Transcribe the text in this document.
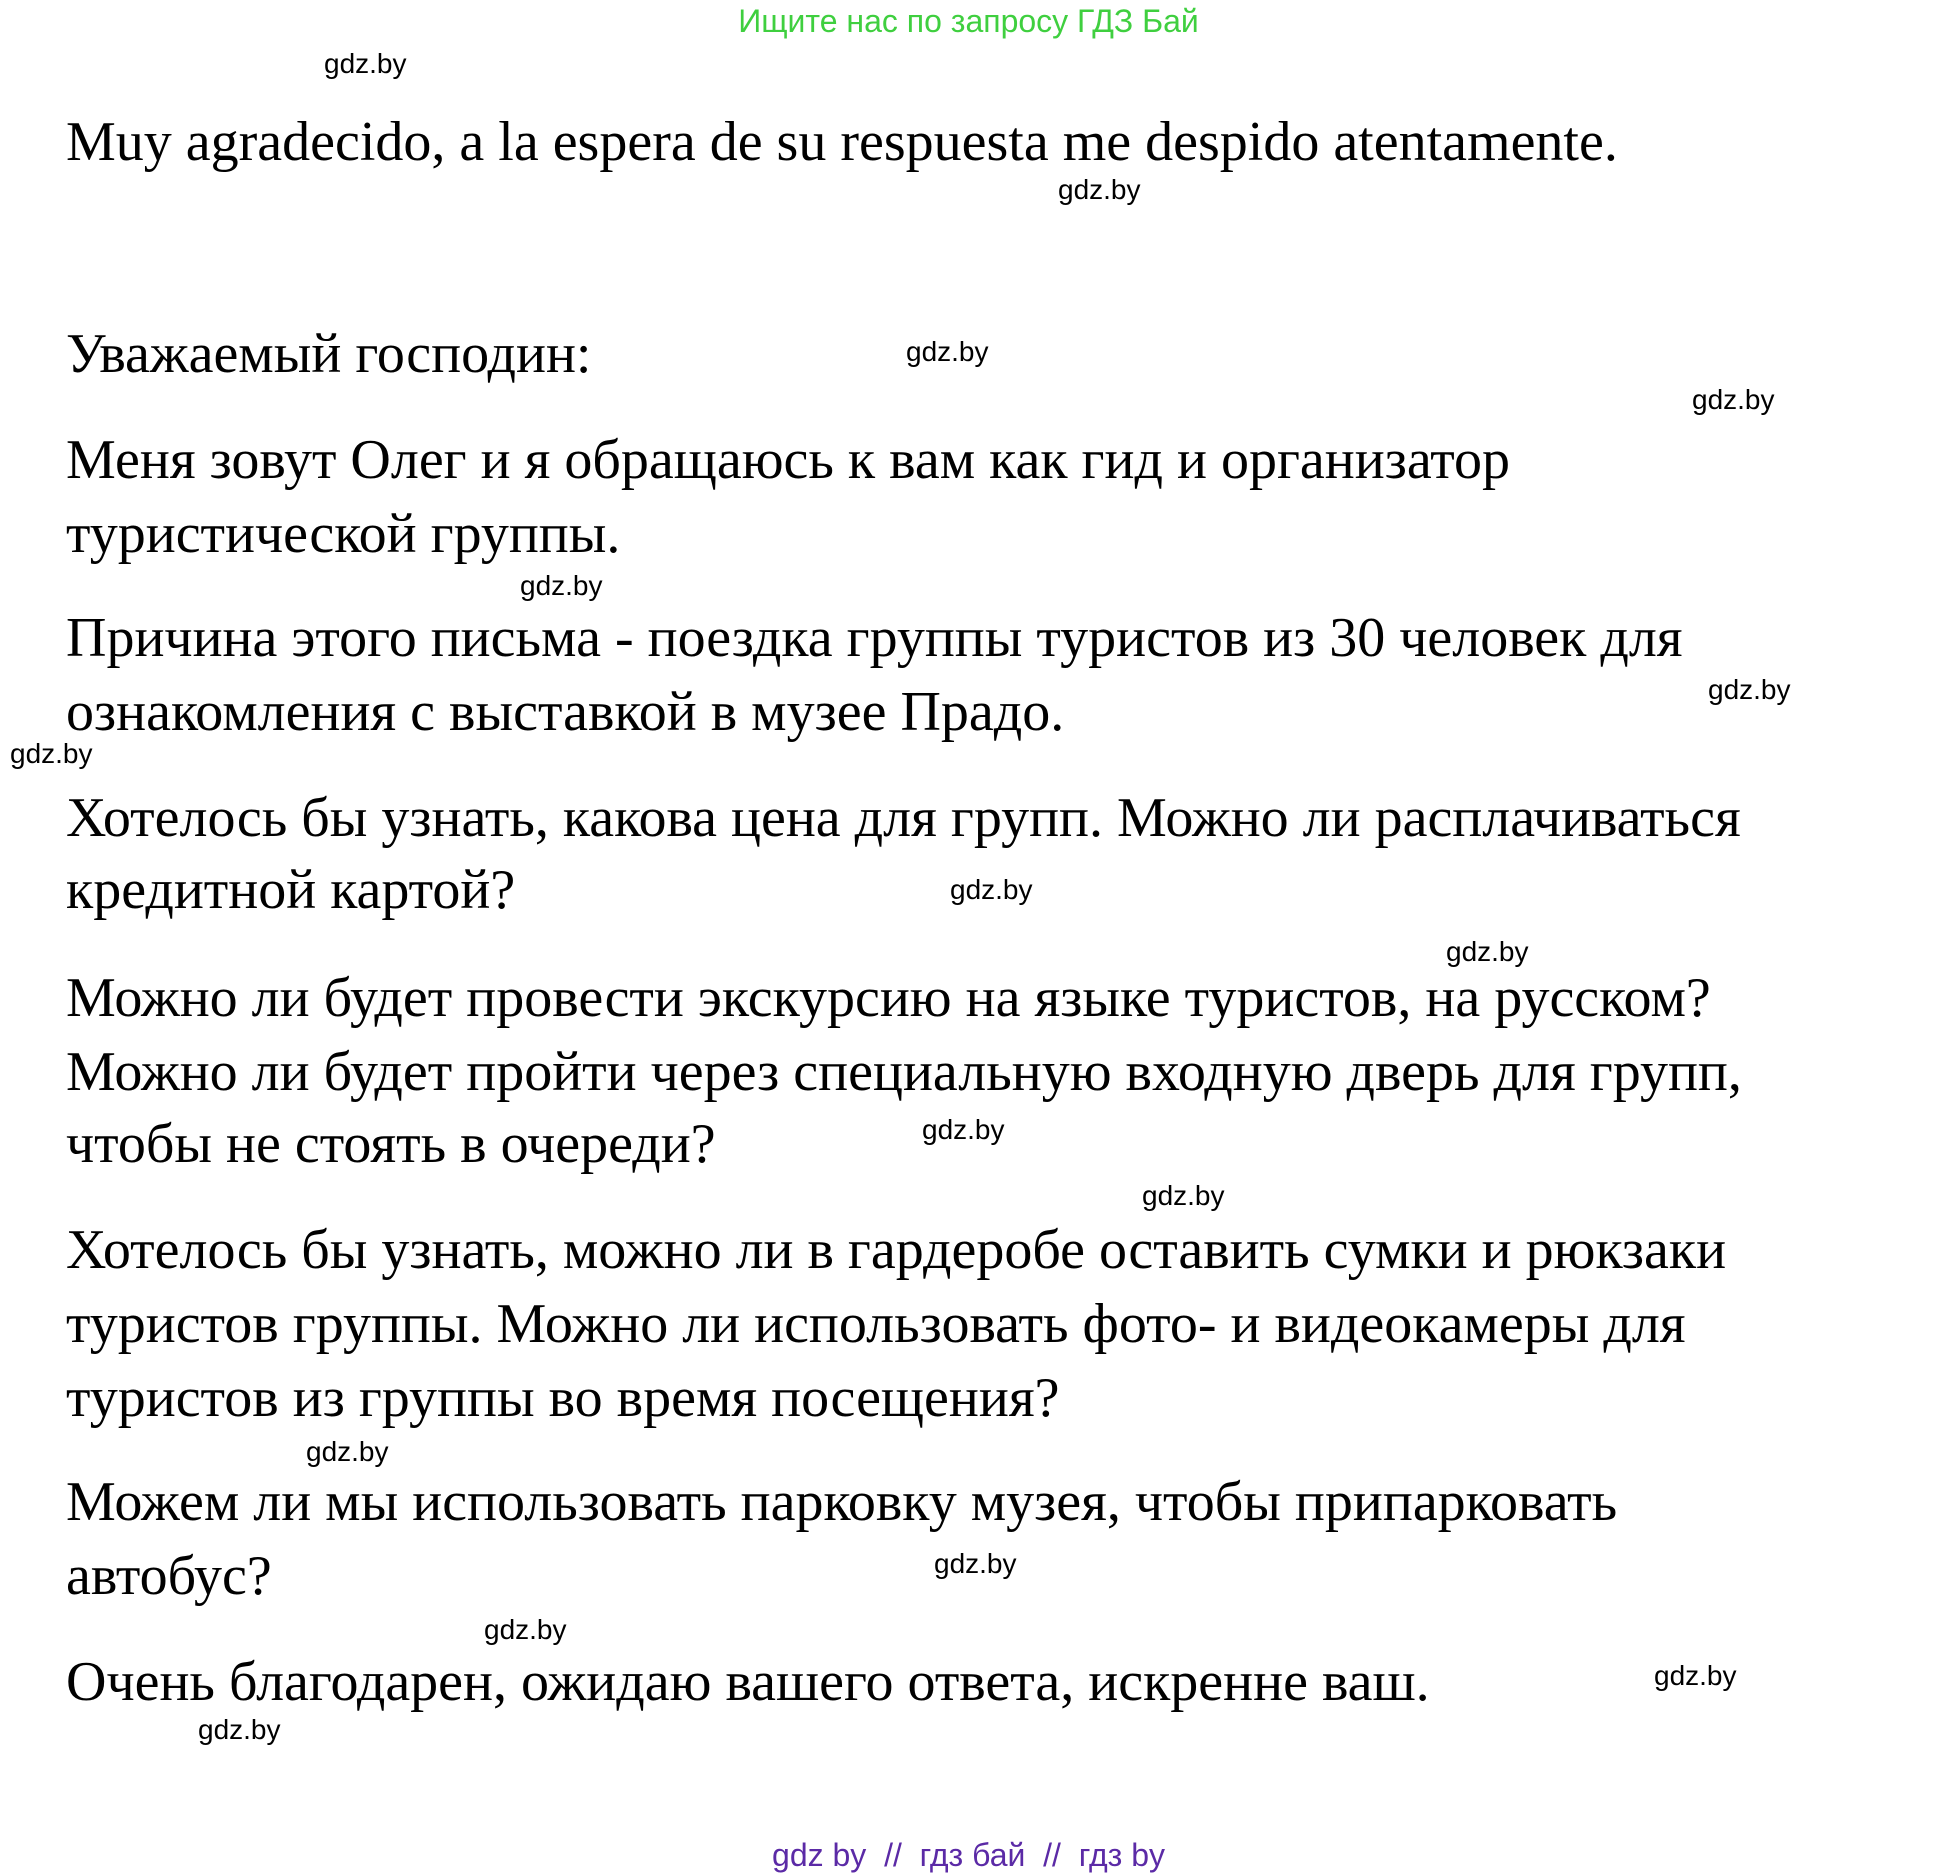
Ищите нас по запросу ГДЗ Бай
Muy agradecido, a la espera de su respuesta me despido atentamente.
Уважаемый господин:
Меня зовут Олег и я обращаюсь к вам как гид и организатор
туристической группы.
Причина этого письма - поездка группы туристов из 30 человек для
ознакомления с выставкой в музее Прадо.
Хотелось бы узнать, какова цена для групп. Можно ли расплачиваться
кредитной картой?
Можно ли будет провести экскурсию на языке туристов, на русском?
Можно ли будет пройти через специальную входную дверь для групп,
чтобы не стоять в очереди?
Хотелось бы узнать, можно ли в гардеробе оставить сумки и рюкзаки
туристов группы. Можно ли использовать фото- и видеокамеры для
туристов из группы во время посещения?
Можем ли мы использовать парковку музея, чтобы припарковать
автобус?
Очень благодарен, ожидаю вашего ответа, искренне ваш.
gdz.by
gdz.by
gdz.by
gdz.by
gdz.by
gdz.by
gdz.by
gdz.by
gdz.by
gdz.by
gdz.by
gdz.by
gdz.by
gdz.by
gdz.by
gdz.by
gdz by  //  гдз бай  //  гдз by
